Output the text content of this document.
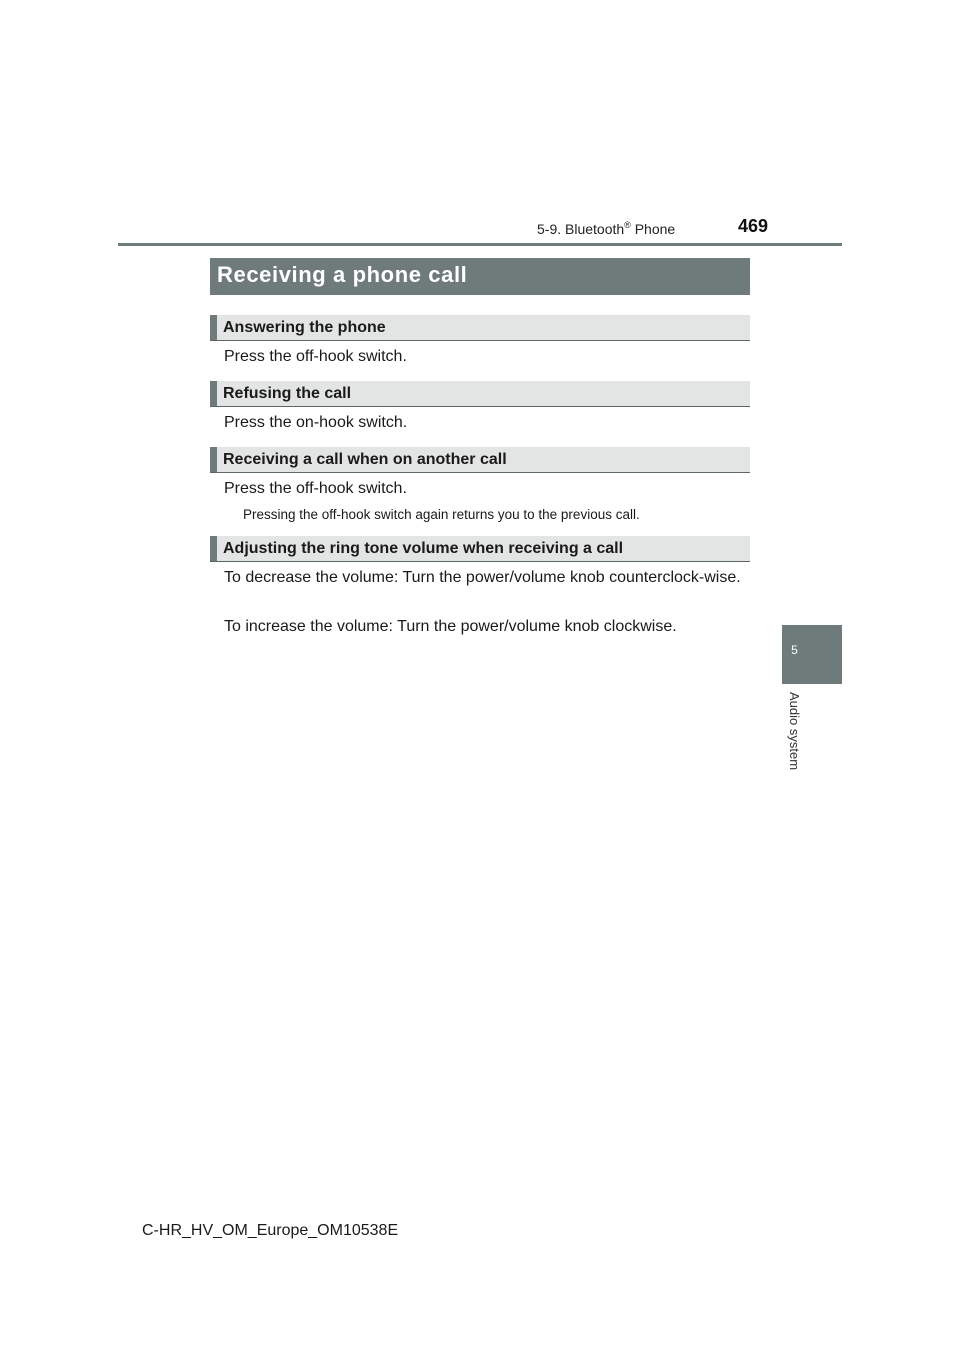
5-9. Bluetooth® Phone	469
5
Audio system
Receiving a phone call
Answering the phone
Press the off-hook switch.
Refusing the call
Press the on-hook switch.
Receiving a call when on another call
Press the off-hook switch.
Pressing the off-hook switch again returns you to the previous call.
Adjusting the ring tone volume when receiving a call
To decrease the volume: Turn the power/volume knob counterclock-wise.
To increase the volume: Turn the power/volume knob clockwise.
C-HR_HV_OM_Europe_OM10538E
